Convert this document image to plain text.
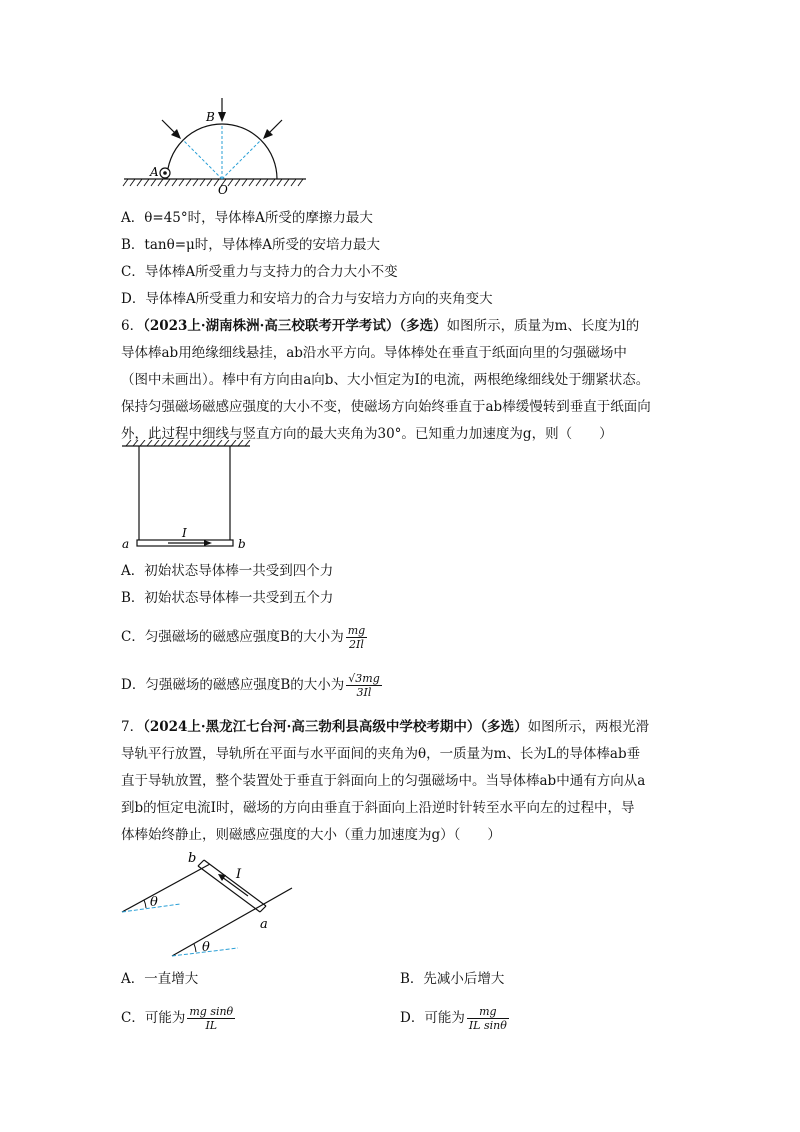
A
B
O
A．θ=45°时，导体棒A所受的摩擦力最大
B．tanθ=μ时，导体棒A所受的安培力最大
C．导体棒A所受重力与支持力的合力大小不变
D．导体棒A所受重力和安培力的合力与安培力方向的夹角变大
6．（2023上·湖南株洲·高三校联考开学考试）（多选）如图所示，质量为m、长度为l的
导体棒ab用绝缘细线悬挂，ab沿水平方向。导体棒处在垂直于纸面向里的匀强磁场中
（图中未画出）。棒中有方向由a向b、大小恒定为I的电流，两根绝缘细线处于绷紧状态。
保持匀强磁场磁感应强度的大小不变，使磁场方向始终垂直于ab棒缓慢转到垂直于纸面向
外，此过程中细线与竖直方向的最大夹角为30°。已知重力加速度为g，则（　　）
I
a	b
A．初始状态导体棒一共受到四个力
B．初始状态导体棒一共受到五个力
C．匀强磁场的磁感应强度B的大小为 $\frac{mg}{2Il}$
D．匀强磁场的磁感应强度B的大小为 $\frac{√3mg}{3Il}$
7．（2024上·黑龙江七台河·高三勃利县高级中学校考期中）（多选）如图所示，两根光滑
导轨平行放置，导轨所在平面与水平面间的夹角为θ，一质量为m、长为L的导体棒ab垂
直于导轨放置，整个装置处于垂直于斜面向上的匀强磁场中。当导体棒ab中通有方向从a
到b的恒定电流I时，磁场的方向由垂直于斜面向上沿逆时针转至水平向左的过程中，导
体棒始终静止，则磁感应强度的大小（重力加速度为g）（　　）
I
b
a
θ
θ
A．一直增大	B．先减小后增大
C．可能为 $\frac{\text{mg sinθ}}{IL}$	D．可能为 $\frac{mg}{\text{IL sinθ}}$
